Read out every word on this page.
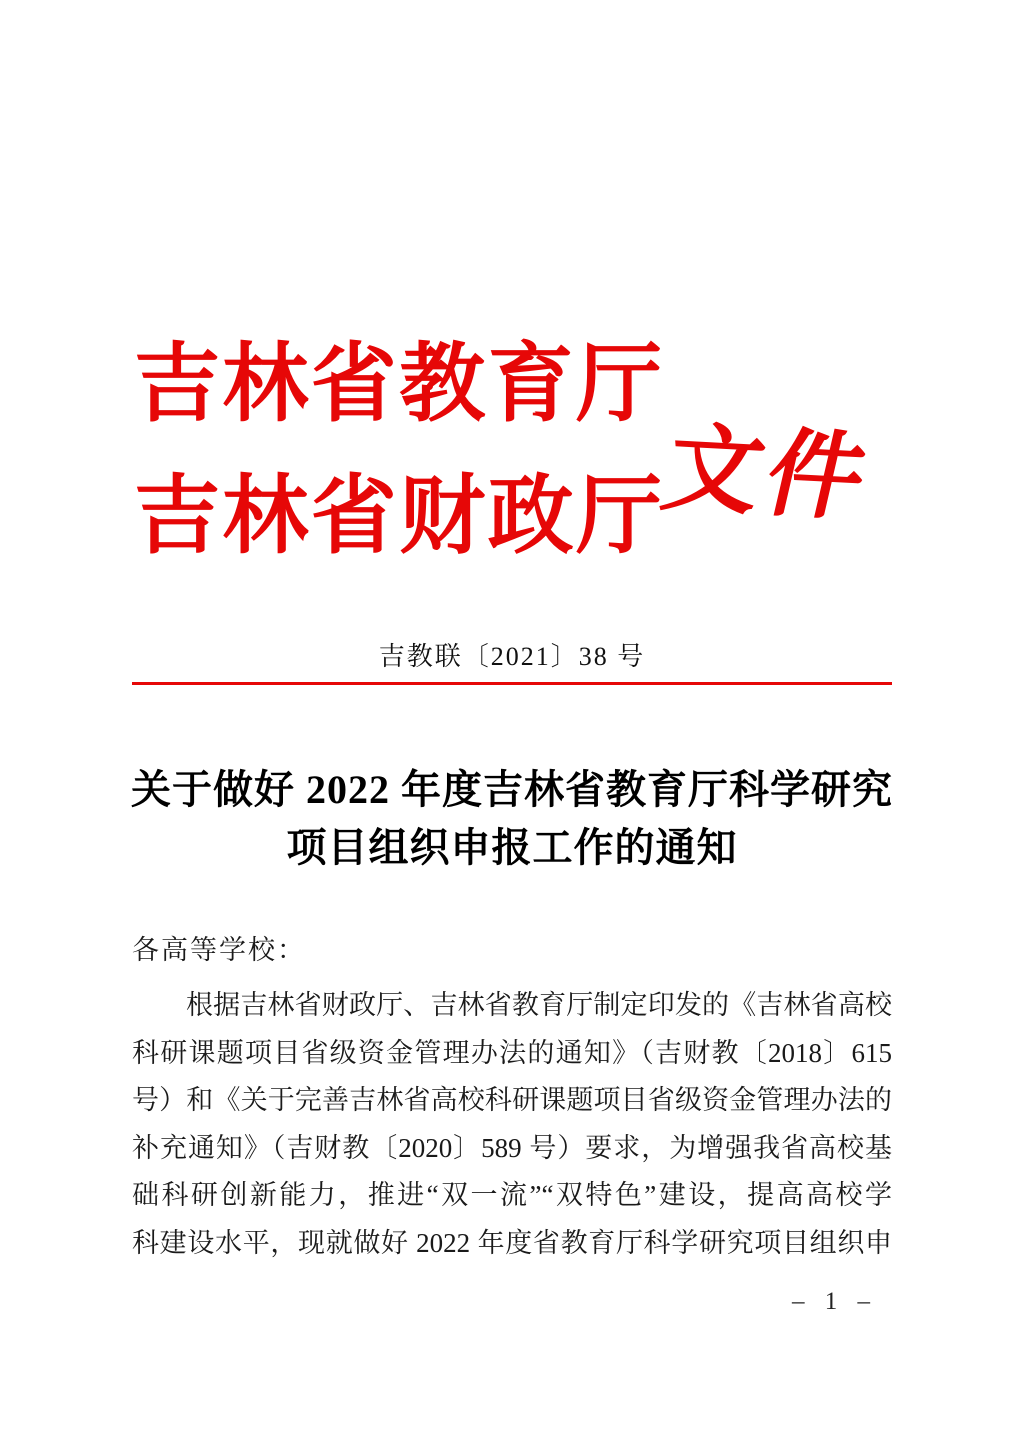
吉林省教育厅
吉林省财政厅
文件
吉教联〔2021〕38 号
关于做好 2022 年度吉林省教育厅科学研究
项目组织申报工作的通知
各高等学校：
根据吉林省财政厅、吉林省教育厅制定印发的《吉林省高校
科研课题项目省级资金管理办法的通知》（吉财教〔2018〕615
号）和《关于完善吉林省高校科研课题项目省级资金管理办法的
补充通知》（吉财教〔2020〕589 号）要求，为增强我省高校基
础科研创新能力，推进“双一流”“双特色”建设，提高高校学
科建设水平，现就做好 2022 年度省教育厅科学研究项目组织申
– 1 –
